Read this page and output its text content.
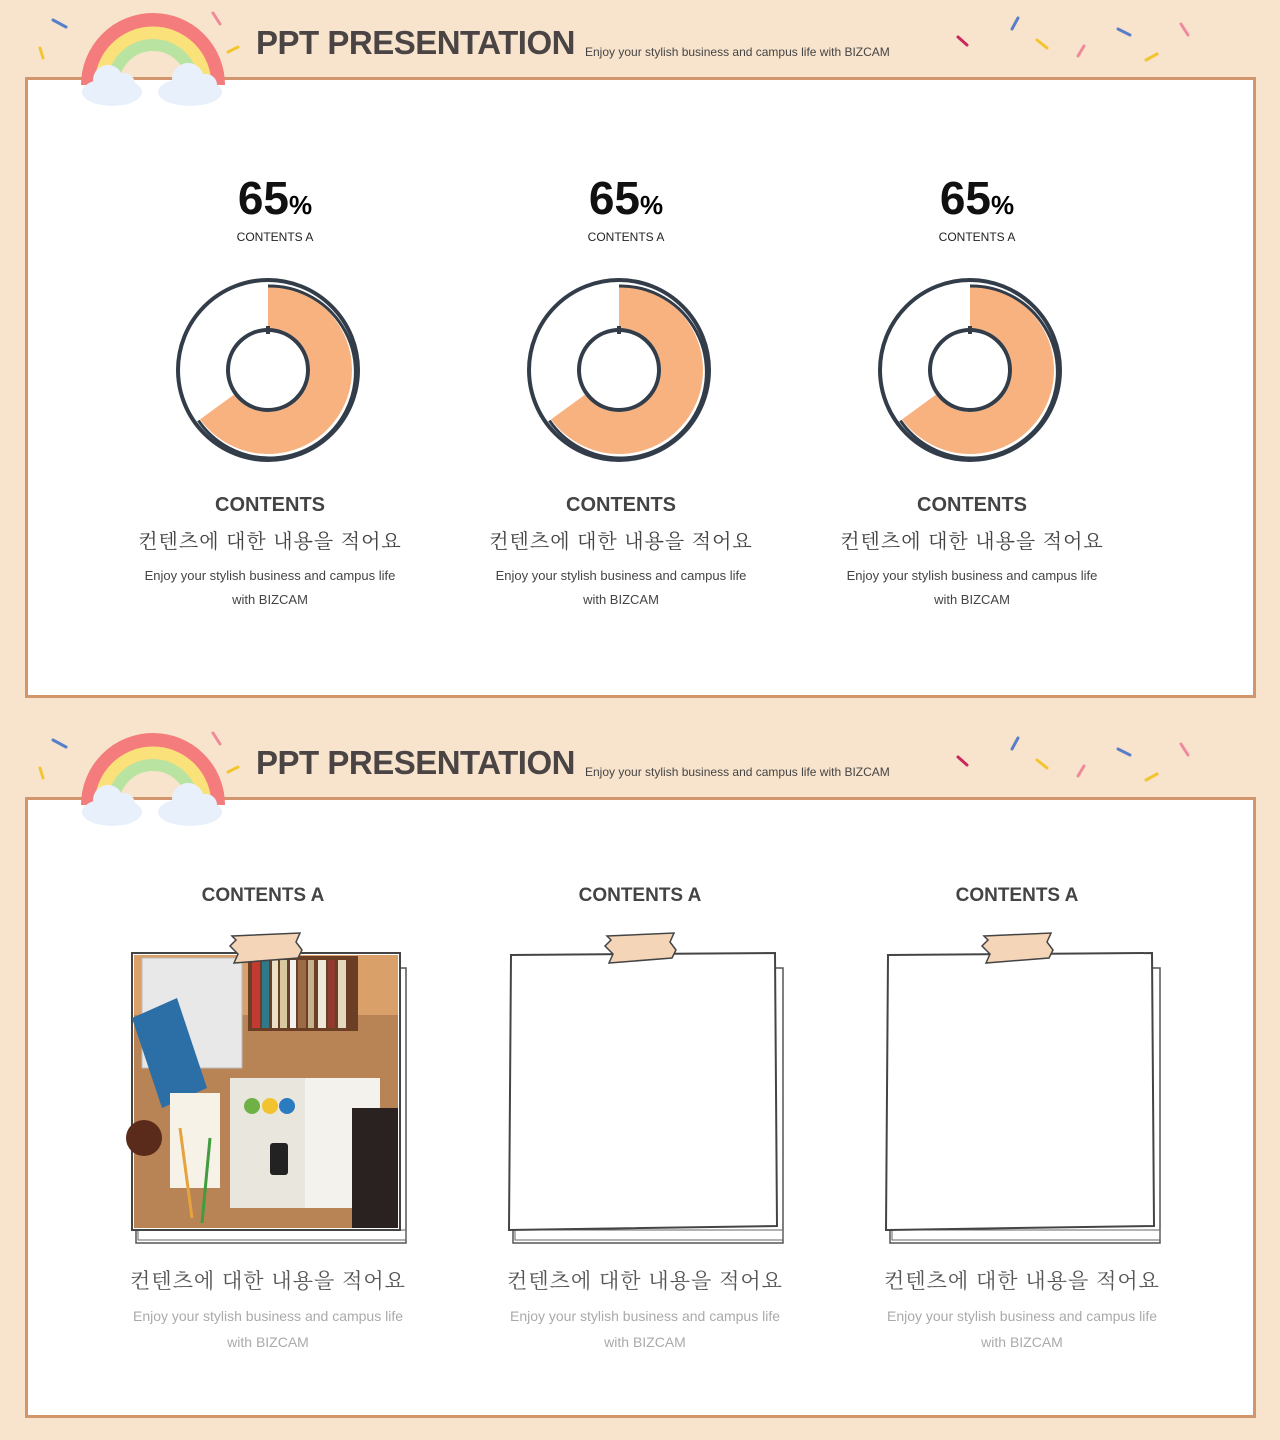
PPT PRESENTATION Enjoy your stylish business and campus life with BIZCAM
65%
CONTENTS A
CONTENTS
컨텐츠에 대한 내용을 적어요
Enjoy your stylish business and campus life
with BIZCAM
65%
CONTENTS A
CONTENTS
컨텐츠에 대한 내용을 적어요
Enjoy your stylish business and campus life
with BIZCAM
65%
CONTENTS A
CONTENTS
컨텐츠에 대한 내용을 적어요
Enjoy your stylish business and campus life
with BIZCAM
PPT PRESENTATION Enjoy your stylish business and campus life with BIZCAM
CONTENTS A
컨텐츠에 대한 내용을 적어요
Enjoy your stylish business and campus life
with BIZCAM
CONTENTS A
컨텐츠에 대한 내용을 적어요
Enjoy your stylish business and campus life
with BIZCAM
CONTENTS A
컨텐츠에 대한 내용을 적어요
Enjoy your stylish business and campus life
with BIZCAM
